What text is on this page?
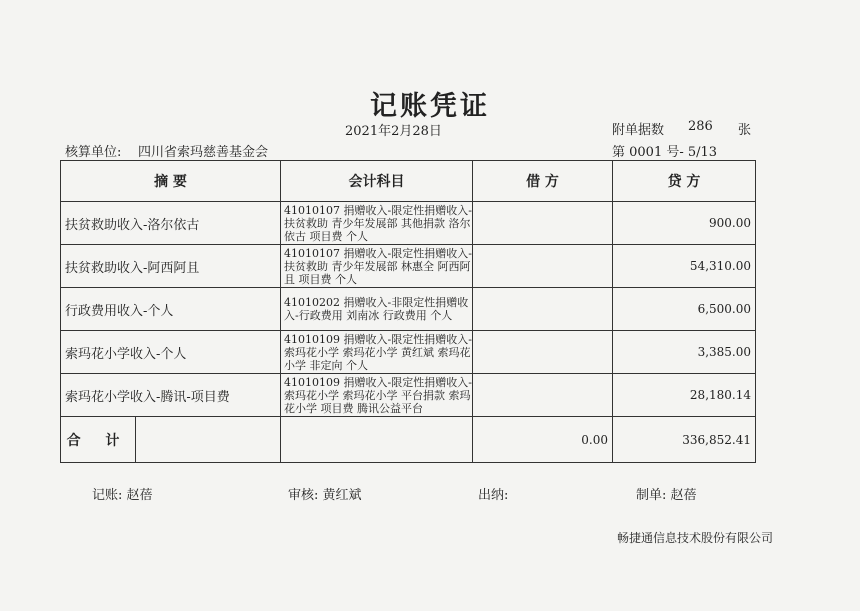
记账凭证
2021年2月28日	附单据数 286 张
核算单位: 四川省索玛慈善基金会	第 0001 号- 5/13
摘 要	会计科目	借 方	贷 方
扶贫救助收入-洛尔依古	41010107 捐赠收入-限定性捐赠收入-扶贫救助 青少年发展部 其他捐款 洛尔依古 项目费 个人		900.00
扶贫救助收入-阿西阿且	41010107 捐赠收入-限定性捐赠收入-扶贫救助 青少年发展部 林惠全 阿西阿且 项目费 个人		54,310.00
行政费用收入-个人	41010202 捐赠收入-非限定性捐赠收入-行政费用 刘南冰 行政费用 个人		6,500.00
索玛花小学收入-个人	41010109 捐赠收入-限定性捐赠收入-索玛花小学 索玛花小学 黄红斌 索玛花小学 非定向 个人		3,385.00
索玛花小学收入-腾讯-项目费	41010109 捐赠收入-限定性捐赠收入-索玛花小学 索玛花小学 平台捐款 索玛花小学 项目费 腾讯公益平台		28,180.14

合 计		0.00	336,852.41
记账: 赵蓓	审核: 黄红斌	出纳:	制单: 赵蓓
畅捷通信息技术股份有限公司
